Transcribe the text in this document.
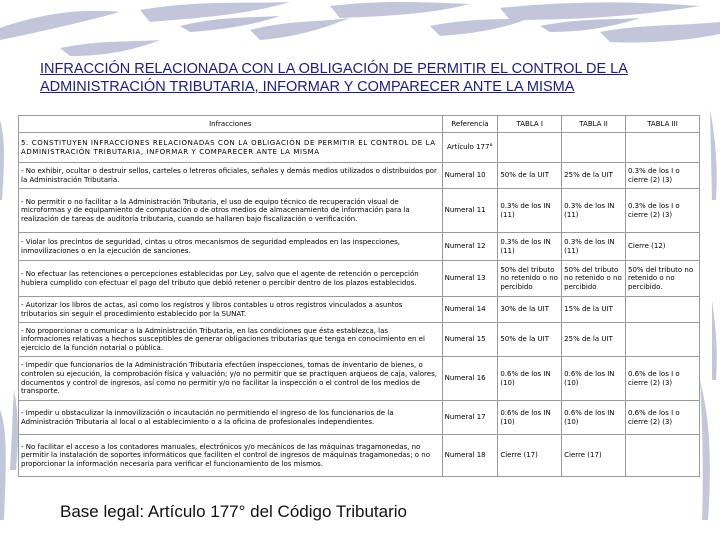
INFRACCIÓN RELACIONADA CON LA OBLIGACIÓN DE PERMITIR EL CONTROL DE LA ADMINISTRACIÓN TRIBUTARIA, INFORMAR Y COMPARECER ANTE LA MISMA
Infracciones	Referencia	TABLA I	TABLA II	TABLA III
5. CONSTITUYEN INFRACCIONES RELACIONADAS CON LA OBLIGACIÓN DE PERMITIR EL CONTROL DE LA ADMINISTRACIÓN TRIBUTARIA, INFORMAR Y COMPARECER ANTE LA MISMA	Artículo 177°			
- No exhibir, ocultar o destruir sellos, carteles o letreros oficiales, señales y demás medios utilizados o distribuidos por la Administración Tributaria.	Numeral 10	50% de la UIT	25% de la UIT	0.3% de los I o cierre (2) (3)
- No permitir o no facilitar a la Administración Tributaria, el uso de equipo técnico de recuperación visual de microformas y de equipamiento de computación o de otros medios de almacenamiento de información para la realización de tareas de auditoría tributaria, cuando se hallaren bajo fiscalización o verificación.	Numeral 11	0.3% de los IN (11)	0.3% de los IN (11)	0.3% de los I o cierre (2) (3)
- Violar los precintos de seguridad, cintas u otros mecanismos de seguridad empleados en las inspecciones, inmovilizaciones o en la ejecución de sanciones.	Numeral 12	0.3% de los IN (11)	0.3% de los IN (11)	Cierre (12)
- No efectuar las retenciones o percepciones establecidas por Ley, salvo que el agente de retención o percepción hubiera cumplido con efectuar el pago del tributo que debió retener o percibir dentro de los plazos establecidos.	Numeral 13	50% del tributo no retenido o no percibido	50% del tributo no retenido o no percibido	50% del tributo no retenido o no percibido.
- Autorizar los libros de actas, así como los registros y libros contables u otros registros vinculados a asuntos tributarios sin seguir el procedimiento establecido por la SUNAT.	Numeral 14	30% de la UIT	15% de la UIT	
- No proporcionar o comunicar a la Administración Tributaria, en las condiciones que ésta establezca, las informaciones relativas a hechos susceptibles de generar obligaciones tributarias que tenga en conocimiento en el ejercicio de la función notarial o pública.	Numeral 15	50% de la UIT	25% de la UIT	
- Impedir que funcionarios de la Administración Tributaria efectúen inspecciones, tomas de inventario de bienes, o controlen su ejecución, la comprobación física y valuación; y/o no permitir que se practiquen arqueos de caja, valores, documentos y control de ingresos, así como no permitir y/o no facilitar la inspección o el control de los medios de transporte.	Numeral 16	0.6% de los IN (10)	0.6% de los IN (10)	0.6% de los I o cierre (2) (3)
- Impedir u obstaculizar la inmovilización o incautación no permitiendo el ingreso de los funcionarios de la Administración Tributaria al local o al establecimiento o a la oficina de profesionales independientes.	Numeral 17	0.6% de los IN (10)	0.6% de los IN (10)	0.6% de los I o cierre (2) (3)
- No facilitar el acceso a los contadores manuales, electrónicos y/o mecánicos de las máquinas tragamonedas, no permitir la instalación de soportes informáticos que faciliten el control de ingresos de máquinas tragamonedas; o no proporcionar la información necesaria para verificar el funcionamiento de los mismos.	Numeral 18	Cierre (17)	Cierre (17)	
Base legal: Artículo 177° del Código Tributario
